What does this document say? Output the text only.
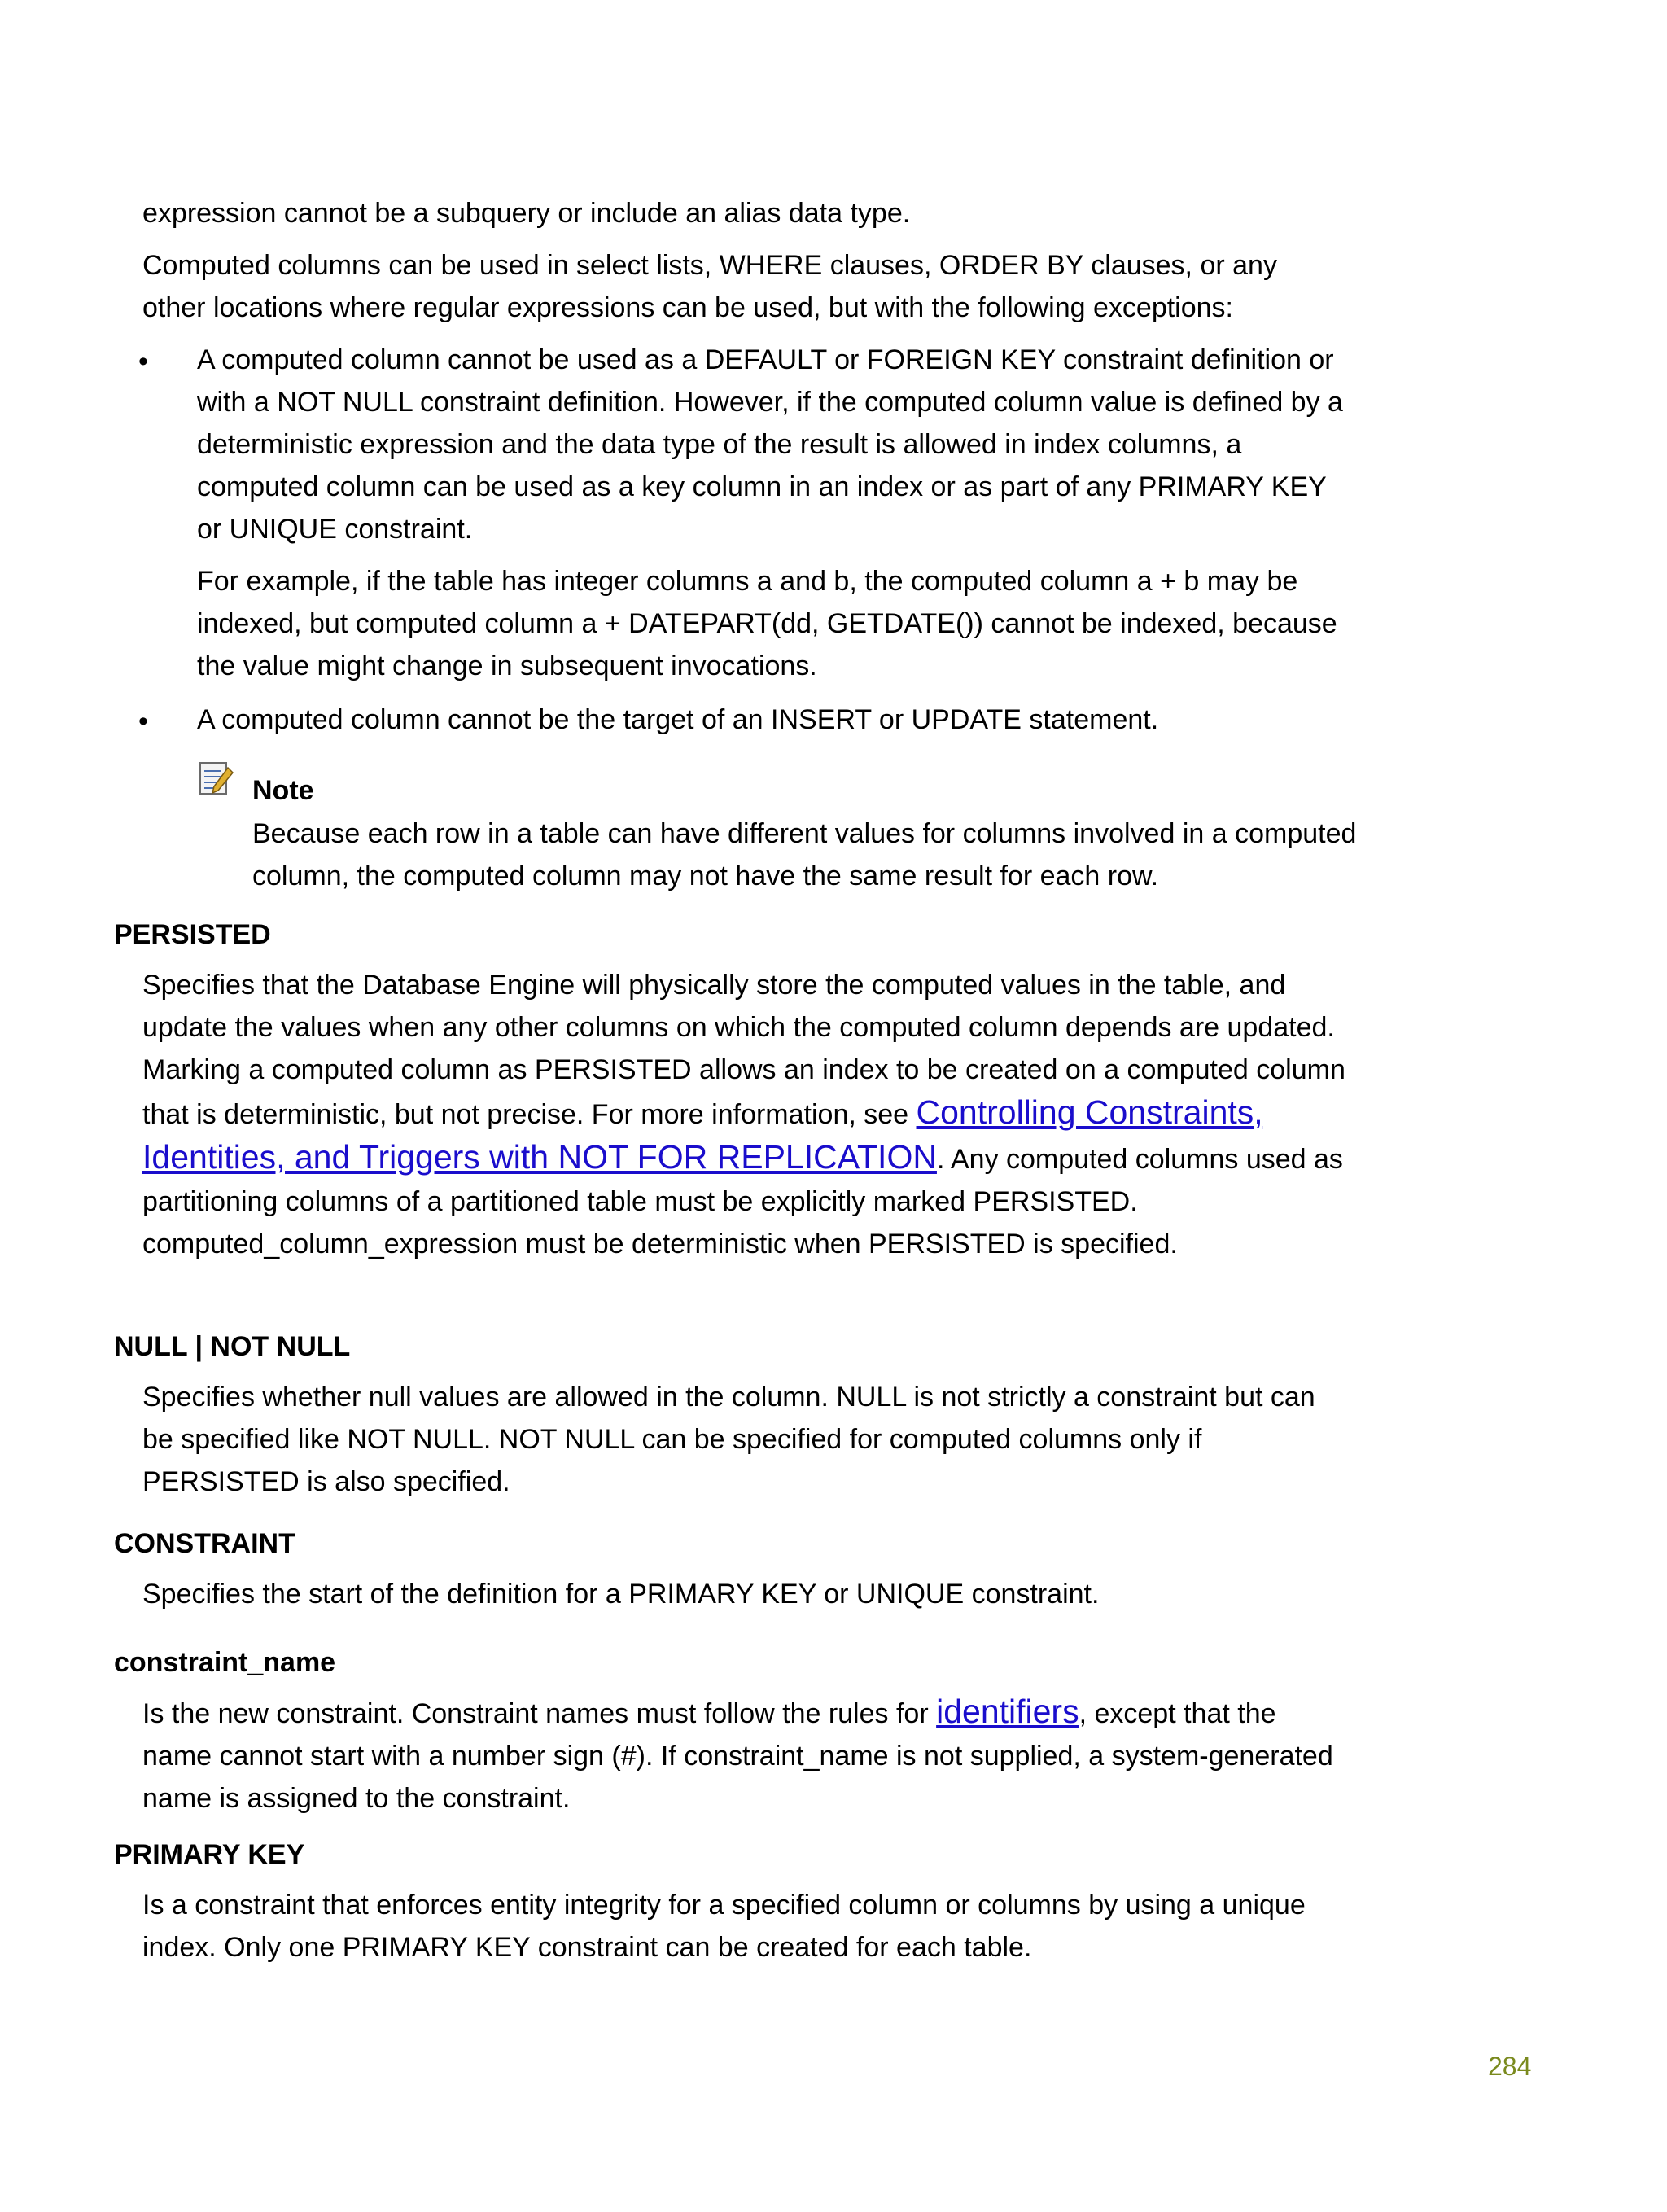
expression cannot be a subquery or include an alias data type.

Computed columns can be used in select lists, WHERE clauses, ORDER BY clauses, or any other locations where regular expressions can be used, but with the following exceptions:

• A computed column cannot be used as a DEFAULT or FOREIGN KEY constraint definition or with a NOT NULL constraint definition. However, if the computed column value is defined by a deterministic expression and the data type of the result is allowed in index columns, a computed column can be used as a key column in an index or as part of any PRIMARY KEY or UNIQUE constraint.

For example, if the table has integer columns a and b, the computed column a + b may be indexed, but computed column a + DATEPART(dd, GETDATE()) cannot be indexed, because the value might change in subsequent invocations.

• A computed column cannot be the target of an INSERT or UPDATE statement.

Note

Because each row in a table can have different values for columns involved in a computed column, the computed column may not have the same result for each row.

PERSISTED

Specifies that the Database Engine will physically store the computed values in the table, and update the values when any other columns on which the computed column depends are updated. Marking a computed column as PERSISTED allows an index to be created on a computed column that is deterministic, but not precise. For more information, see Controlling Constraints, Identities, and Triggers with NOT FOR REPLICATION. Any computed columns used as partitioning columns of a partitioned table must be explicitly marked PERSISTED. computed_column_expression must be deterministic when PERSISTED is specified.

NULL | NOT NULL

Specifies whether null values are allowed in the column. NULL is not strictly a constraint but can be specified like NOT NULL. NOT NULL can be specified for computed columns only if PERSISTED is also specified.

CONSTRAINT

Specifies the start of the definition for a PRIMARY KEY or UNIQUE constraint.

constraint_name

Is the new constraint. Constraint names must follow the rules for identifiers, except that the name cannot start with a number sign (#). If constraint_name is not supplied, a system-generated name is assigned to the constraint.

PRIMARY KEY

Is a constraint that enforces entity integrity for a specified column or columns by using a unique index. Only one PRIMARY KEY constraint can be created for each table.

284
